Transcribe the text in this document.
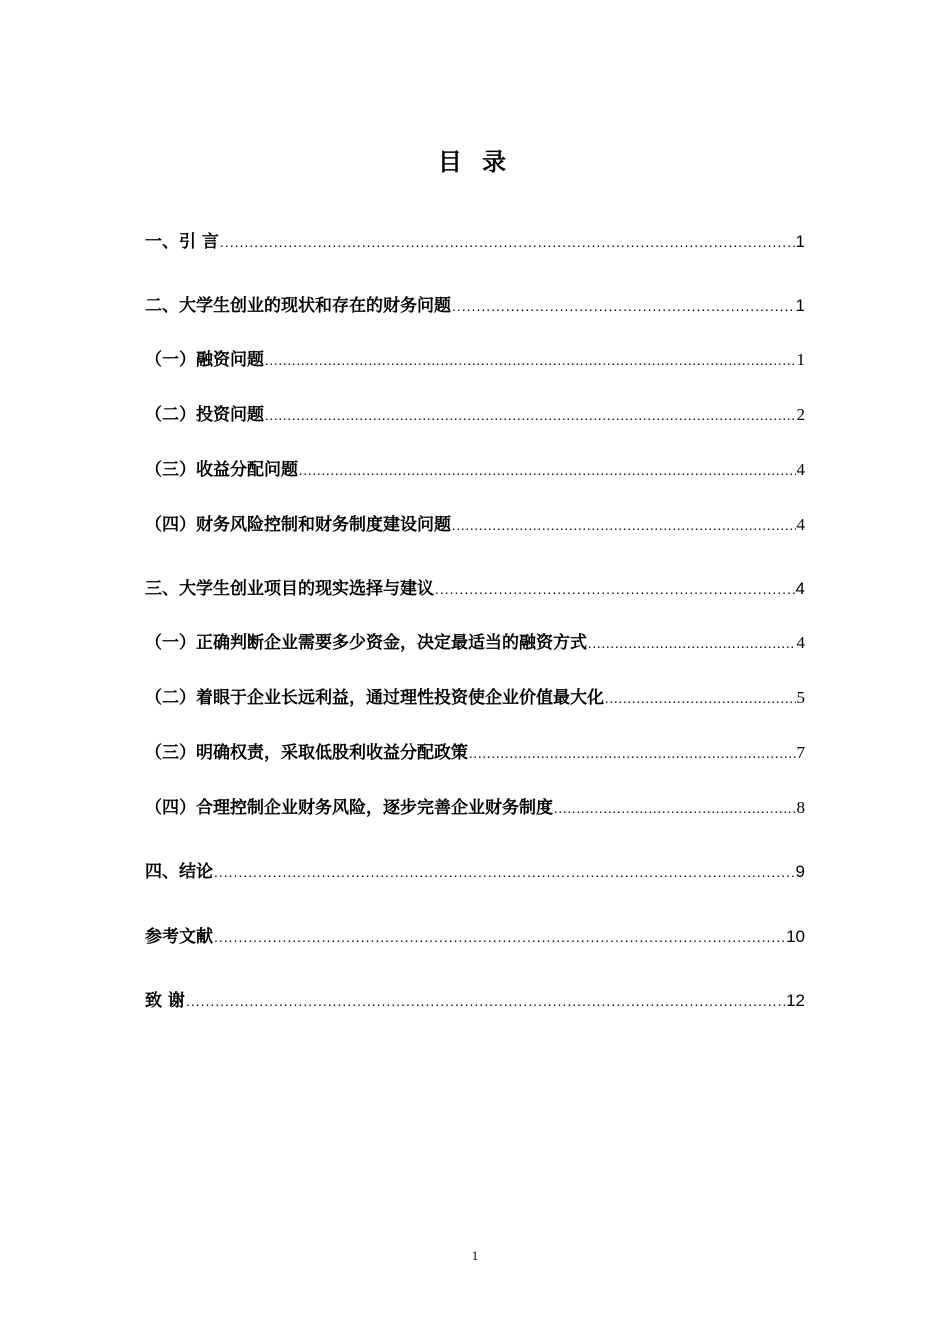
目 录
一、引 言 .....	1
二、大学生创业的现状和存在的财务问题 .....	1
（一）融资问题 .....	1
（二）投资问题 .....	2
（三）收益分配问题 .....	4
（四）财务风险控制和财务制度建设问题 .....	4
三、大学生创业项目的现实选择与建议 .....	4
（一）正确判断企业需要多少资金，决定最适当的融资方式 .....	4
（二）着眼于企业长远利益，通过理性投资使企业价值最大化 .....	5
（三）明确权责，采取低股利收益分配政策 .....	7
（四）合理控制企业财务风险，逐步完善企业财务制度 .....	8
四、结论 .....	9
参考文献 .....	10
致 谢 .....	12
1
